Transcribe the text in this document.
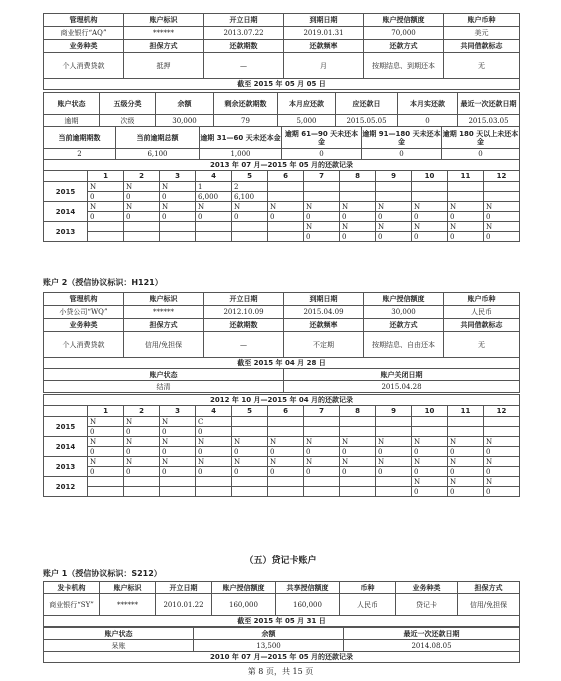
管理机构	账户标识	开立日期	到期日期	账户授信额度	账户币种
商业银行“AQ”	******	2013.07.22	2019.01.31	70,000	美元
业务种类	担保方式	还款期数	还款频率	还款方式	共同借款标志
个人消费贷款	抵押	—	月	按期结息、到期还本	无
截至 2015 年 05 月 05 日					
账户状态	五级分类	余额	剩余还款期数	本月应还款	应还款日	本月实还款	最近一次还款日期
逾期	次级	30,000	79	5,000	2015.05.05	0	2015.03.05
当前逾期期数	当前逾期总额	逾期 31—60 天未还本金	逾期 61—90 天未还本金	逾期 91—180 天未还本金	逾期 180 天以上未还本金
2	6,100	1,000	0	0	0
2013 年 07 月—2015 年 05 月的还款记录												
	1	2	3	4	5	6	7	8	9	10	11	12
2015	N	N	N	1	2							
	0	0	0	6,000	6,100							
2014	N	N	N	N	N	N	N	N	N	N	N	N
	0	0	0	0	0	0	0	0	0	0	0	0
2013							N	N	N	N	N	N
							0	0	0	0	0	0
账户 2（授信协议标识：H121）
管理机构	账户标识	开立日期	到期日期	账户授信额度	账户币种
小贷公司“WQ”	******	2012.10.09	2015.04.09	30,000	人民币
业务种类	担保方式	还款期数	还款频率	还款方式	共同借款标志
个人消费贷款	信用/免担保	—	不定期	按期结息、自由还本	无
截至 2015 年 04 月 28 日					
账户状态			账户关闭日期		
结清			2015.04.28		
2012 年 10 月—2015 年 04 月的还款记录												
	1	2	3	4	5	6	7	8	9	10	11	12
2015	N	N	N	C								
	0	0	0	0								
2014	N	N	N	N	N	N	N	N	N	N	N	N
	0	0	0	0	0	0	0	0	0	0	0	0
2013	N	N	N	N	N	N	N	N	N	N	N	N
	0	0	0	0	0	0	0	0	0	0	0	0
2012										N	N	N
										0	0	0
（五）贷记卡账户
账户 1（授信协议标识：S212）
发卡机构	账户标识	开立日期	账户授信额度	共享授信额度	币种	业务种类	担保方式
商业银行“SY”	******	2010.01.22	160,000	160,000	人民币	贷记卡	信用/免担保
截至 2015 年 05 月 31 日							
账户状态	余额	最近一次还款日期
呆账	13,500	2014.08.05
2010 年 07 月—2015 年 05 月的还款记录		
第 8 页，共 15 页
